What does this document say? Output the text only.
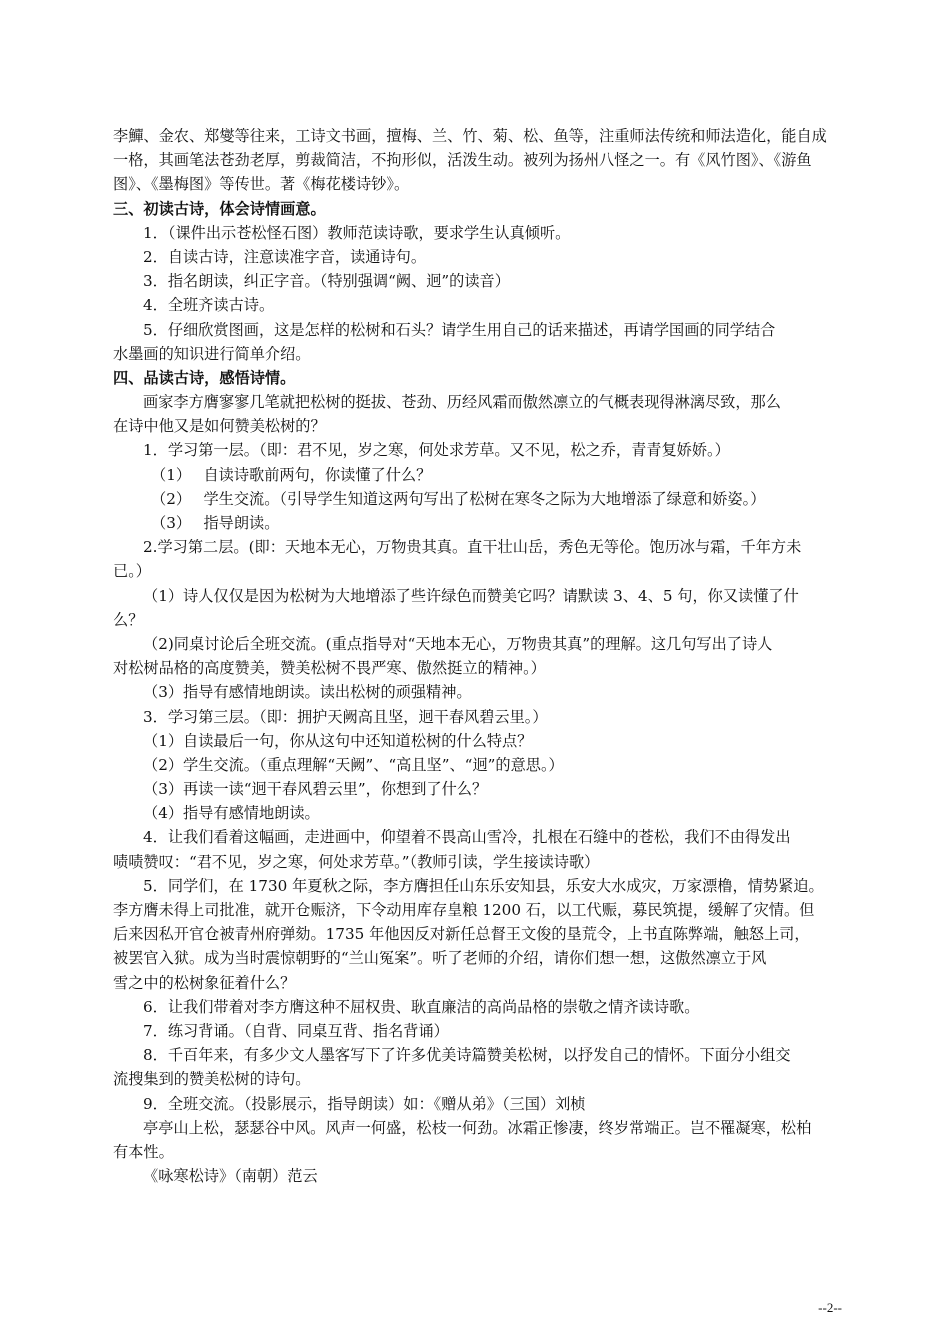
李鱓、金农、郑燮等往来，工诗文书画，擅梅、兰、竹、菊、松、鱼等，注重师法传统和师法造化，能自成
一格，其画笔法苍劲老厚，剪裁简洁，不拘形似，活泼生动。被列为扬州八怪之一。有《风竹图》、《游鱼
图》、《墨梅图》等传世。著《梅花楼诗钞》。
三、初读古诗，体会诗情画意。
1．（课件出示苍松怪石图）教师范读诗歌，要求学生认真倾听。
2．自读古诗，注意读准字音，读通诗句。
3．指名朗读，纠正字音。（特别强调“阙、迥”的读音）
4．全班齐读古诗。
5．仔细欣赏图画，这是怎样的松树和石头？请学生用自己的话来描述，再请学国画的同学结合
水墨画的知识进行简单介绍。
四、品读古诗，感悟诗情。
画家李方膺寥寥几笔就把松树的挺拔、苍劲、历经风霜而傲然凛立的气概表现得淋漓尽致，那么
在诗中他又是如何赞美松树的？
1．学习第一层。（即：君不见，岁之寒，何处求芳草。又不见，松之乔，青青复娇娇。）
（1）　 自读诗歌前两句，你读懂了什么？
（2）　 学生交流。（引导学生知道这两句写出了松树在寒冬之际为大地增添了绿意和娇姿。）
（3）　 指导朗读。
2.学习第二层。(即：天地本无心，万物贵其真。直干壮山岳，秀色无等伦。饱历冰与霜，千年方未
已。）
（1）诗人仅仅是因为松树为大地增添了些许绿色而赞美它吗？请默读 3、4、5 句，你又读懂了什
么？
（2)同桌讨论后全班交流。(重点指导对“天地本无心，万物贵其真”的理解。这几句写出了诗人
对松树品格的高度赞美，赞美松树不畏严寒、傲然挺立的精神。）
（3）指导有感情地朗读。读出松树的顽强精神。
3．学习第三层。（即：拥护天阙高且坚，迥干春风碧云里。）
（1）自读最后一句，你从这句中还知道松树的什么特点？
（2）学生交流。（重点理解“天阙”、“高且坚”、“迥”的意思。）
（3）再读一读“迥干春风碧云里”，你想到了什么？
（4）指导有感情地朗读。
4．让我们看着这幅画，走进画中，仰望着不畏高山雪冷，扎根在石缝中的苍松，我们不由得发出
啧啧赞叹：“君不见，岁之寒，何处求芳草。”（教师引读，学生接读诗歌）
5．同学们，在 1730 年夏秋之际，李方膺担任山东乐安知县，乐安大水成灾，万家漂橹，情势紧迫。
李方膺未得上司批准，就开仓赈济，下令动用库存皇粮 1200 石，以工代赈，募民筑提，缓解了灾情。但
后来因私开官仓被青州府弹劾。1735 年他因反对新任总督王文俊的垦荒令，上书直陈弊端，触怒上司，
被罢官入狱。成为当时震惊朝野的“兰山冤案”。听了老师的介绍，请你们想一想，这傲然凛立于风
雪之中的松树象征着什么？
6．让我们带着对李方膺这种不屈权贵、耿直廉洁的高尚品格的崇敬之情齐读诗歌。
7．练习背诵。（自背、同桌互背、指名背诵）
8．千百年来，有多少文人墨客写下了许多优美诗篇赞美松树，以抒发自己的情怀。下面分小组交
流搜集到的赞美松树的诗句。
9．全班交流。（投影展示，指导朗读）如：《赠从弟》（三国）刘桢
亭亭山上松，瑟瑟谷中风。风声一何盛，松枝一何劲。冰霜正惨凄，终岁常端正。岂不罹凝寒，松柏
有本性。
《咏寒松诗》（南朝）范云
--2--
